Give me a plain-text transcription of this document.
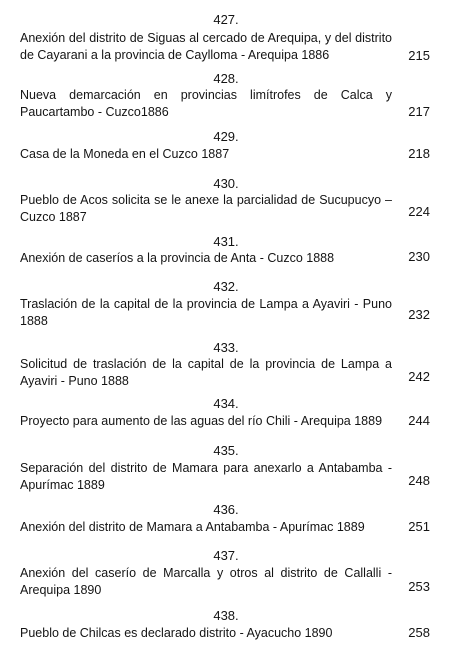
427.
Anexión del distrito de Siguas al cercado de Arequipa, y del distrito de Cayarani a la provincia de Caylloma - Arequipa 1886	215
428.
Nueva demarcación en provincias limítrofes de Calca y Paucartambo - Cuzco1886	217
429.
Casa de la Moneda en el Cuzco 1887	218
430.
Pueblo de Acos solicita se le anexe la parcialidad de Sucupucyo – Cuzco 1887	224
431.
Anexión de caseríos a la provincia de Anta - Cuzco 1888	230
432.
Traslación de la capital de la provincia de Lampa a Ayaviri - Puno 1888	232
433.
Solicitud de traslación de la capital de la provincia de Lampa a Ayaviri - Puno 1888	242
434.
Proyecto para aumento de las aguas del río Chili - Arequipa 1889	244
435.
Separación del distrito de Mamara para anexarlo a Antabamba - Apurímac 1889	248
436.
Anexión del distrito de Mamara a Antabamba - Apurímac 1889	251
437.
Anexión del caserío de Marcalla y otros al distrito de Callalli - Arequipa 1890	253
438.
Pueblo de Chilcas es declarado distrito - Ayacucho 1890	258
